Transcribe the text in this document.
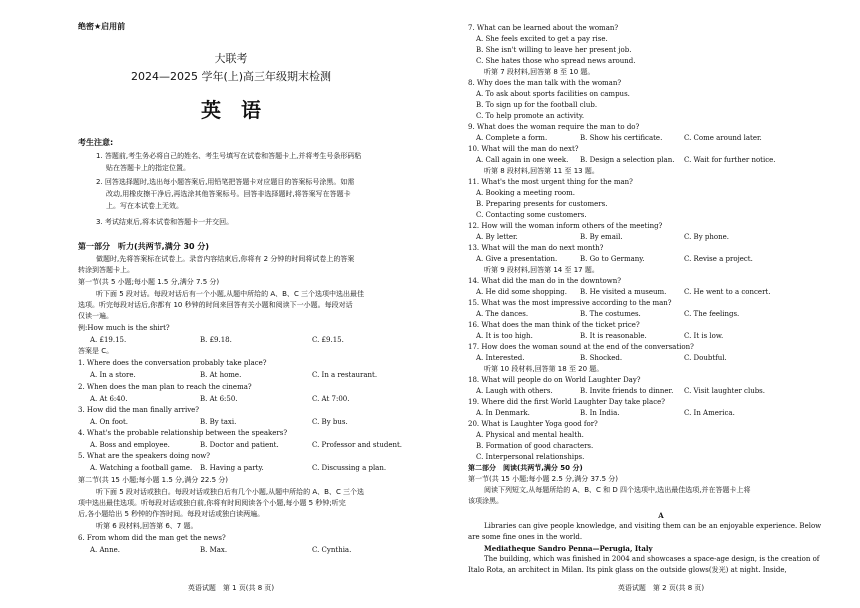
绝密★启用前
大联考
2024—2025 学年(上)高三年级期末检测
英　语
考生注意:
1. 答题前,考生务必将自己的姓名、考生号填写在试卷和答题卡上,并将考生号条形码粘
贴在答题卡上的指定位置。
2. 回答选择题时,选出每小题答案后,用铅笔把答题卡对应题目的答案标号涂黑。如需
改动,用橡皮擦干净后,再选涂其他答案标号。回答非选择题时,将答案写在答题卡
上。写在本试卷上无效。
3. 考试结束后,将本试卷和答题卡一并交回。
第一部分　听力(共两节,满分 30 分)
做题时,先将答案标在试卷上。录音内容结束后,你将有 2 分钟的时间将试卷上的答案
转涂到答题卡上。
第一节(共 5 小题;每小题 1.5 分,满分 7.5 分)
听下面 5 段对话。每段对话后有一个小题,从题中所给的 A、B、C 三个选项中选出最佳
选项。听完每段对话后,你都有 10 秒钟的时间来回答有关小题和阅读下一小题。每段对话
仅读一遍。
例:How much is the shirt?
A. £19.15.	B. £9.18.	C. £9.15.
答案是 C。
1. Where does the conversation probably take place?
A. In a store.	B. At home.	C. In a restaurant.
2. When does the man plan to reach the cinema?
A. At 6:40.	B. At 6:50.	C. At 7:00.
3. How did the man finally arrive?
A. On foot.	B. By taxi.	C. By bus.
4. What's the probable relationship between the speakers?
A. Boss and employee.	B. Doctor and patient.	C. Professor and student.
5. What are the speakers doing now?
A. Watching a football game. B. Having a party.	C. Discussing a plan.
第二节(共 15 小题;每小题 1.5 分,满分 22.5 分)
听下面 5 段对话或独白。每段对话或独白后有几个小题,从题中所给的 A、B、C 三个选
项中选出最佳选项。听每段对话或独白前,你将有时间阅读各个小题,每小题 5 秒钟;听完
后,各小题给出 5 秒钟的作答时间。每段对话或独白读两遍。
听第 6 段材料,回答第 6、7 题。
6. From whom did the man get the news?
A. Anne.	B. Max.	C. Cynthia.
英语试题　第 1 页(共 8 页)
7. What can be learned about the woman?
A. She feels excited to get a pay rise.
B. She isn't willing to leave her present job.
C. She hates those who spread news around.
听第 7 段材料,回答第 8 至 10 题。
8. Why does the man talk with the woman?
A. To ask about sports facilities on campus.
B. To sign up for the football club.
C. To help promote an activity.
9. What does the woman require the man to do?
A. Complete a form.	B. Show his certificate.	C. Come around later.
10. What will the man do next?
A. Call again in one week. B. Design a selection plan. C. Wait for further notice.
听第 8 段材料,回答第 11 至 13 题。
11. What's the most urgent thing for the man?
A. Booking a meeting room.
B. Preparing presents for customers.
C. Contacting some customers.
12. How will the woman inform others of the meeting?
A. By letter.	B. By email.	C. By phone.
13. What will the man do next month?
A. Give a presentation.	B. Go to Germany.	C. Revise a project.
听第 9 段材料,回答第 14 至 17 题。
14. What did the man do in the downtown?
A. He did some shopping. B. He visited a museum.	C. He went to a concert.
15. What was the most impressive according to the man?
A. The dances.	B. The costumes.	C. The feelings.
16. What does the man think of the ticket price?
A. It is too high.	B. It is reasonable.	C. It is low.
17. How does the woman sound at the end of the conversation?
A. Interested.	B. Shocked.	C. Doubtful.
听第 10 段材料,回答第 18 至 20 题。
18. What will people do on World Laughter Day?
A. Laugh with others.	B. Invite friends to dinner. C. Visit laughter clubs.
19. Where did the first World Laughter Day take place?
A. In Denmark.	B. In India.	C. In America.
20. What is Laughter Yoga good for?
A. Physical and mental health.
B. Formation of good characters.
C. Interpersonal relationships.
第二部分　阅读(共两节,满分 50 分)
第一节(共 15 小题;每小题 2.5 分,满分 37.5 分)
阅读下列短文,从每题所给的 A、B、C 和 D 四个选项中,选出最佳选项,并在答题卡上将
该项涂黑。
A
Libraries can give people knowledge, and visiting them can be an enjoyable experience. Below
are some fine ones in the world.
Mediatheque Sandro Penna—Perugia, Italy
The building, which was finished in 2004 and showcases a space-age design, is the creation of
Italo Rota, an architect in Milan. Its pink glass on the outside glows(发光) at night. Inside,
英语试题　第 2 页(共 8 页)
